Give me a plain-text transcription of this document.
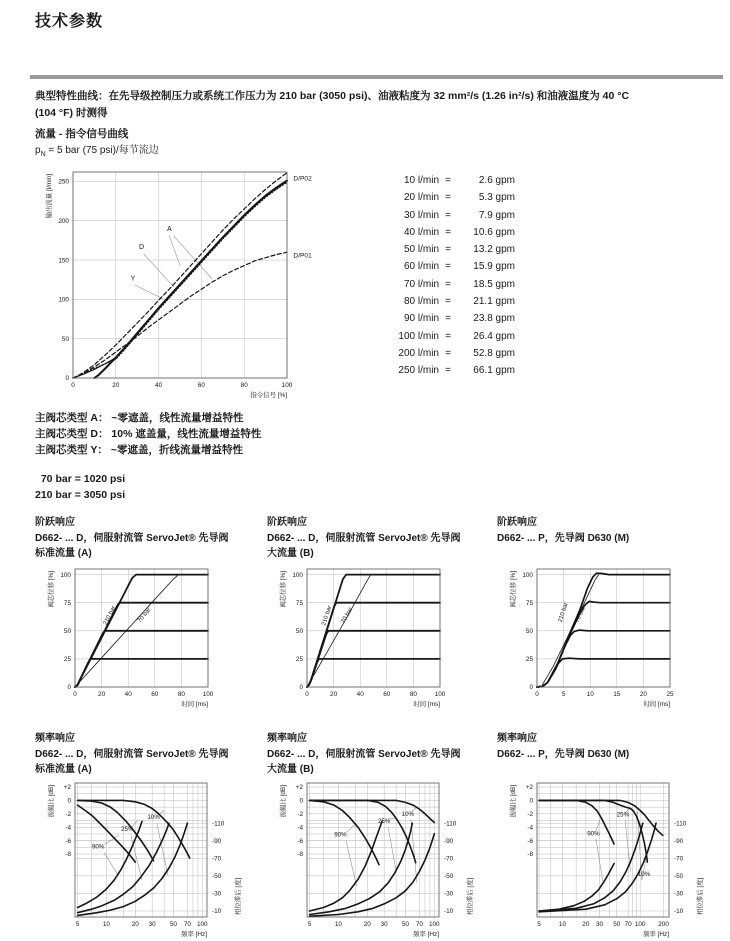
技术参数

典型特性曲线：在先导级控制压力或系统工作压力为 210 bar (3050 psi)、油液粘度为 32 mm²/s (1.26 in²/s) 和油液温度为 40 °C
(104 °F) 时测得

流量 - 指令信号曲线
$p_N = 5$ bar (75 psi)/每节流边
0	20	40	60	80	100
0
50
100
150
200
250
指令信号 [%]
输出流量 [l/min]
A
D
Y
D/P02
D/P01
10 l/min =	2.6 gpm
20 l/min =	5.3 gpm
30 l/min =	7.9 gpm
40 l/min =	10.6 gpm
50 l/min =	13.2 gpm
60 l/min =	15.9 gpm
70 l/min =	18.5 gpm
80 l/min =	21.1 gpm
90 l/min =	23.8 gpm
100 l/min =	26.4 gpm
200 l/min =	52.8 gpm
250 l/min =	66.1 gpm
主阀芯类型 A： ~零遮盖，线性流量增益特性
主阀芯类型 D： 10% 遮盖量，线性流量增益特性
主阀芯类型 Y： ~零遮盖，折线流量增益特性
70 bar = 1020 psi
210 bar = 3050 psi
阶跃响应
D662- ... D，伺服射流管 ServoJet® 先导阀
标准流量 (A)
0	20	40	60	80	100
0
25
50
75
100
时间 [ms]
阀芯位移 [%]
210 bar	70 bar
阶跃响应
D662- ... D，伺服射流管 ServoJet® 先导阀
大流量 (B)
0	20	40	60	80	100
0
25
50
75
100
时间 [ms]
阀芯位移 [%]
210 bar 70 bar
阶跃响应
D662- ... P，先导阀 D630 (M)
0	5	10	15	20	25
0
25
50
75
100
时间 [ms]
阀芯位移 [%]
210 bar 70 bar
频率响应
D662- ... D，伺服射流管 ServoJet® 先导阀
标准流量 (A)
5	10	20 30 50 70 100
+2
0
-2
-4
-6
-8
-110
-90
-70
-50
-30
-10
频率 [Hz]
振幅比 [dB]
相位滞后 [度]
90%
25%
10%
频率响应
D662- ... D，伺服射流管 ServoJet® 先导阀
大流量 (B)
5	10	20 30 50 70 100
+2
0
-2
-4
-6
-8
-110
-90
-70
-50
-30
-10
频率 [Hz]
振幅比 [dB]
相位滞后 [度]
90%
25%
10%
频率响应
D662- ... P，先导阀 D630 (M)
5	10	20 30 50 70 100 200
+2
0
-2
-4
-6
-8
-110
-90
-70
-50
-30
-10
频率 [Hz]
振幅比 [dB]
相位滞后 [度]
90%
25%
10%
